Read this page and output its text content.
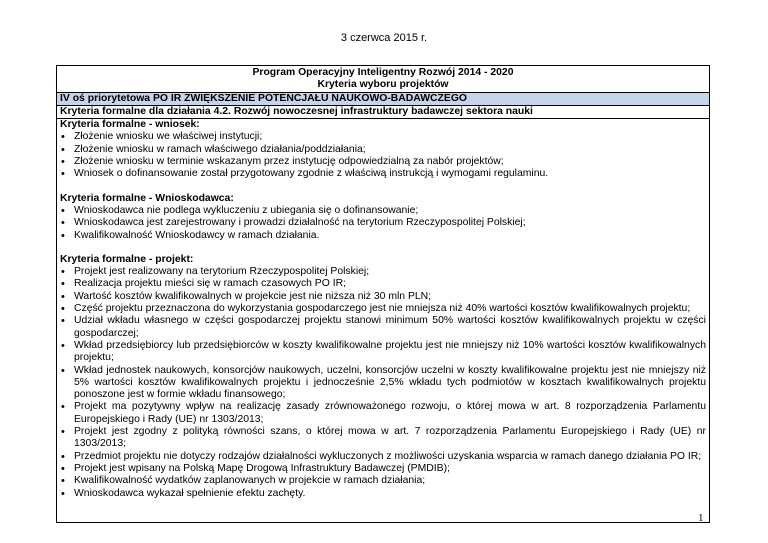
3 czerwca 2015 r.
Program Operacyjny Inteligentny Rozwój 2014 - 2020
Kryteria wyboru projektów
IV oś priorytetowa PO IR ZWIĘKSZENIE POTENCJAŁU NAUKOWO-BADAWCZEGO
Kryteria formalne dla działania 4.2. Rozwój nowoczesnej infrastruktury badawczej sektora nauki
Kryteria formalne - wniosek:
• Złożenie wniosku we właściwej instytucji;
• Złożenie wniosku w ramach właściwego działania/poddziałania;
• Złożenie wniosku w terminie wskazanym przez instytucję odpowiedzialną za nabór projektów;
• Wniosek o dofinansowanie został przygotowany zgodnie z właściwą instrukcją i wymogami regulaminu.
Kryteria formalne - Wnioskodawca:
• Wnioskodawca nie podlega wykluczeniu z ubiegania się o dofinansowanie;
• Wnioskodawca jest zarejestrowany i prowadzi działalność na terytorium Rzeczypospolitej Polskiej;
• Kwalifikowalność Wnioskodawcy w ramach działania.
Kryteria formalne - projekt:
• Projekt jest realizowany na terytorium Rzeczypospolitej Polskiej;
• Realizacja projektu mieści się w ramach czasowych PO IR;
• Wartość kosztów kwalifikowalnych w projekcie jest nie niższa niż 30 mln PLN;
• Część projektu przeznaczona do wykorzystania gospodarczego jest nie mniejsza niż 40% wartości kosztów kwalifikowalnych projektu;
• Udział wkładu własnego w części gospodarczej projektu stanowi minimum 50% wartości kosztów kwalifikowalnych projektu w części gospodarczej;
• Wkład przedsiębiorcy lub przedsiębiorców w koszty kwalifikowalne projektu jest nie mniejszy niż 10% wartości kosztów kwalifikowalnych projektu;
• Wkład jednostek naukowych, konsorcjów naukowych, uczelni, konsorcjów uczelni w koszty kwalifikowalne projektu jest nie mniejszy niż 5% wartości kosztów kwalifikowalnych projektu i jednocześnie 2,5% wkładu tych podmiotów w kosztach kwalifikowalnych projektu ponoszone jest w formie wkładu finansowego;
• Projekt ma pozytywny wpływ na realizację zasady zrównoważonego rozwoju, o której mowa w art. 8 rozporządzenia Parlamentu Europejskiego i Rady (UE) nr 1303/2013;
• Projekt jest zgodny z polityką równości szans, o której mowa w art. 7 rozporządzenia Parlamentu Europejskiego i Rady (UE) nr 1303/2013;
• Przedmiot projektu nie dotyczy rodzajów działalności wykluczonych z możliwości uzyskania wsparcia w ramach danego działania PO IR;
• Projekt jest wpisany na Polską Mapę Drogową Infrastruktury Badawczej (PMDIB);
• Kwalifikowalność wydatków zaplanowanych w projekcie w ramach działania;
• Wnioskodawca wykazał spełnienie efektu zachęty.
1
